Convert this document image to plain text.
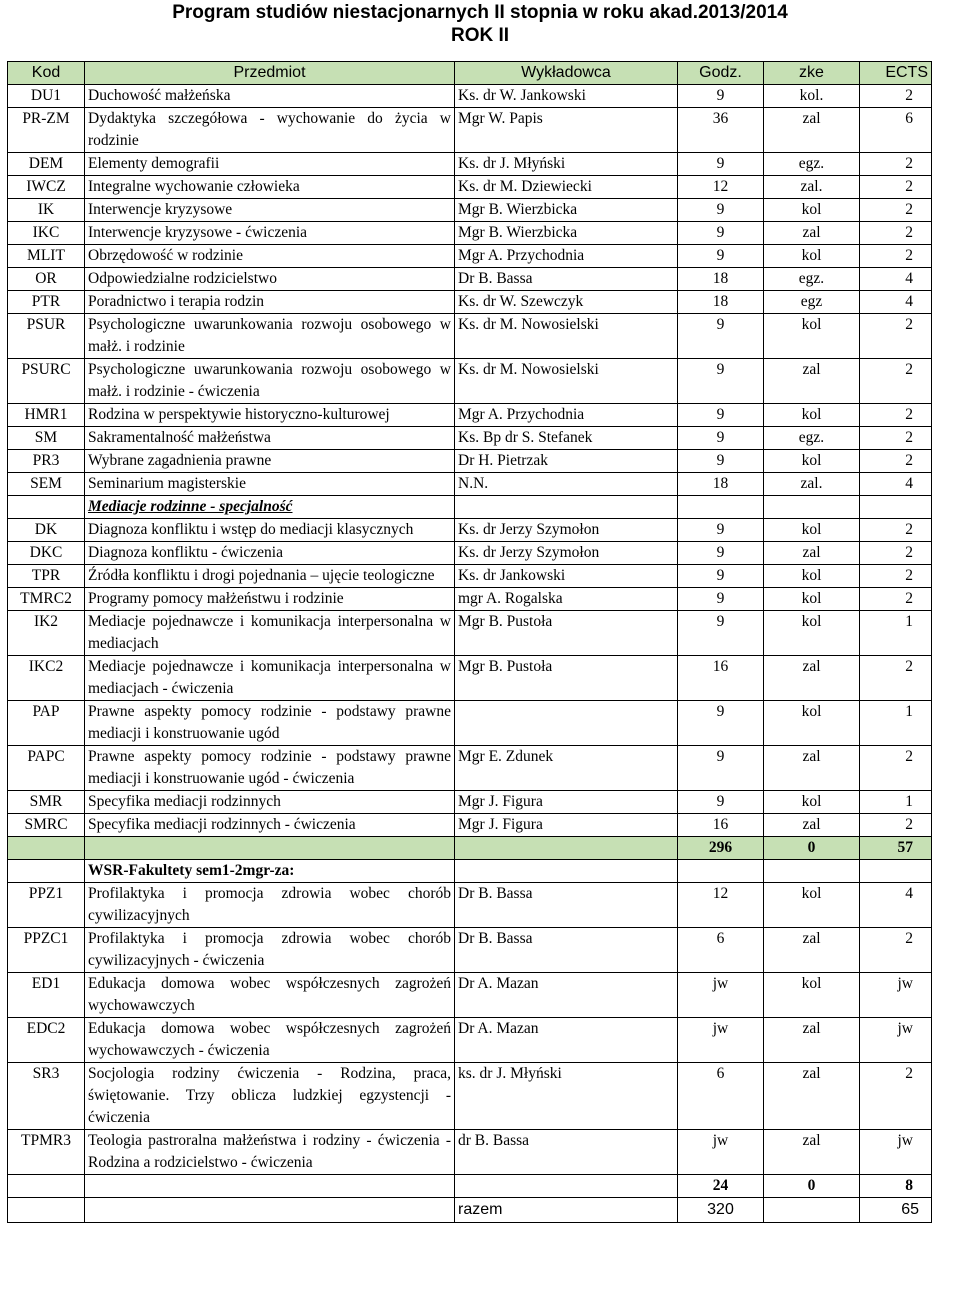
Program studiów niestacjonarnych II stopnia w roku akad.2013/2014
ROK II
Kod	Przedmiot	Wykładowca	Godz.	zke	ECTS
DU1	Duchowość małżeńska	Ks. dr W. Jankowski	9	kol.	2
PR-ZM	Dydaktyka szczegółowa - wychowanie do życia w rodzinie	Mgr W. Papis	36	zal	6
DEM	Elementy demografii	Ks. dr J. Młyński	9	egz.	2
IWCZ	Integralne wychowanie człowieka	Ks. dr M. Dziewiecki	12	zal.	2
IK	Interwencje kryzysowe	Mgr B. Wierzbicka	9	kol	2
IKC	Interwencje kryzysowe - ćwiczenia	Mgr B. Wierzbicka	9	zal	2
MLIT	Obrzędowość w rodzinie	Mgr A. Przychodnia	9	kol	2
OR	Odpowiedzialne rodzicielstwo	Dr B. Bassa	18	egz.	4
PTR	Poradnictwo i terapia rodzin	Ks. dr W. Szewczyk	18	egz	4
PSUR	Psychologiczne uwarunkowania rozwoju osobowego w małż. i rodzinie	Ks. dr M. Nowosielski	9	kol	2
PSURC	Psychologiczne uwarunkowania rozwoju osobowego w małż. i rodzinie - ćwiczenia	Ks. dr M. Nowosielski	9	zal	2
HMR1	Rodzina w perspektywie historyczno-kulturowej	Mgr A. Przychodnia	9	kol	2
SM	Sakramentalność małżeństwa	Ks. Bp dr S. Stefanek	9	egz.	2
PR3	Wybrane zagadnienia prawne	Dr H. Pietrzak	9	kol	2
SEM	Seminarium magisterskie	N.N.	18	zal.	4
	Mediacje rodzinne - specjalność				
DK	Diagnoza konfliktu i wstęp do mediacji klasycznych	Ks. dr Jerzy Szymołon	9	kol	2
DKC	Diagnoza konfliktu - ćwiczenia	Ks. dr Jerzy Szymołon	9	zal	2
TPR	Źródła konfliktu i drogi pojednania – ujęcie teologiczne	Ks. dr Jankowski	9	kol	2
TMRC2	Programy pomocy małżeństwu i rodzinie	mgr A. Rogalska	9	kol	2
IK2	Mediacje pojednawcze i komunikacja interpersonalna w mediacjach	Mgr B. Pustoła	9	kol	1
IKC2	Mediacje pojednawcze i komunikacja interpersonalna w mediacjach - ćwiczenia	Mgr B. Pustoła	16	zal	2
PAP	Prawne aspekty pomocy rodzinie - podstawy prawne mediacji i konstruowanie ugód		9	kol	1
PAPC	Prawne aspekty pomocy rodzinie - podstawy prawne mediacji i konstruowanie ugód - ćwiczenia	Mgr E. Zdunek	9	zal	2
SMR	Specyfika mediacji rodzinnych	Mgr J. Figura	9	kol	1
SMRC	Specyfika mediacji rodzinnych - ćwiczenia	Mgr J. Figura	16	zal	2
			296	0	57
	WSR-Fakultety sem1-2mgr-za:				
PPZ1	Profilaktyka i promocja zdrowia wobec chorób cywilizacyjnych	Dr B. Bassa	12	kol	4
PPZC1	Profilaktyka i promocja zdrowia wobec chorób cywilizacyjnych - ćwiczenia	Dr B. Bassa	6	zal	2
ED1	Edukacja domowa wobec współczesnych zagrożeń wychowawczych	Dr A. Mazan	jw	kol	jw
EDC2	Edukacja domowa wobec współczesnych zagrożeń wychowawczych - ćwiczenia	Dr A. Mazan	jw	zal	jw
SR3	Socjologia rodziny ćwiczenia - Rodzina, praca, świętowanie. Trzy oblicza ludzkiej egzystencji - ćwiczenia	ks. dr J. Młyński	6	zal	2
TPMR3	Teologia pastroralna małżeństwa i rodziny - ćwiczenia - Rodzina a rodzicielstwo - ćwiczenia	dr B. Bassa	jw	zal	jw
			24	0	8
		razem	320		65
